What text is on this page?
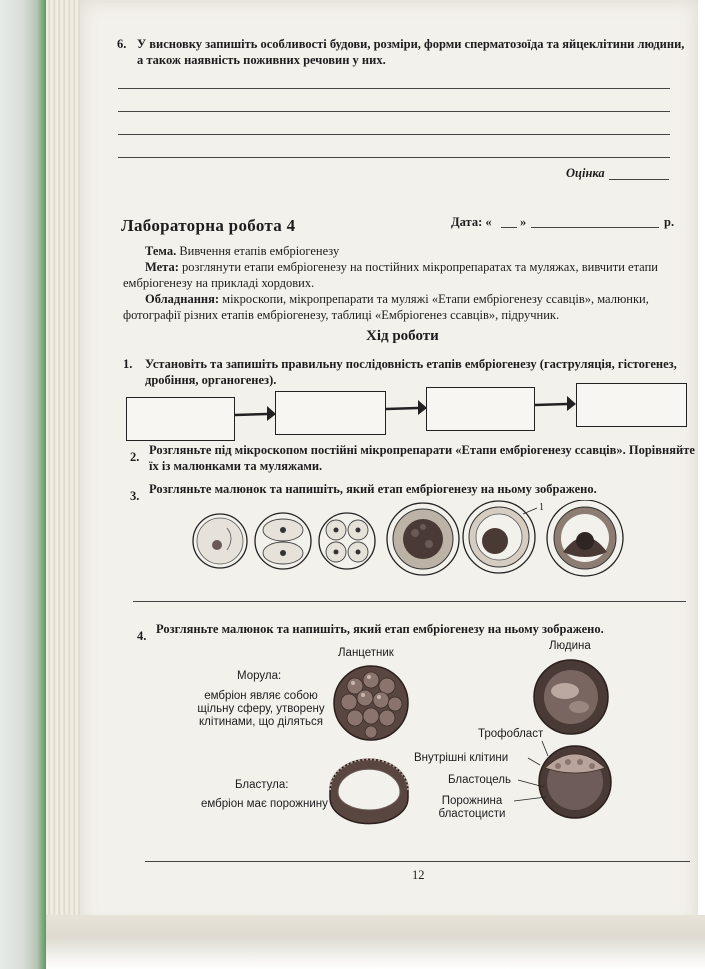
6. У висновку запишіть особливості будови, розміри, форми сперматозоїда та яйцеклітини людини,
а також наявність поживних речовин у них.
Оцінка
Лабораторна робота 4	Дата: « »	р.
Тема. Вивчення етапів ембріогенезу
Мета: розглянути етапи ембріогенезу на постійних мікропрепаратах та муляжах, вивчити етапи
ембріогенезу на прикладі хордових.
Обладнання: мікроскопи, мікропрепарати та муляжі «Етапи ембріогенезу ссавців», малюнки,
фотографії різних етапів ембріогенезу, таблиці «Ембріогенез ссавців», підручник.
Хід роботи
1. Установіть та запишіть правильну послідовність етапів ембріогенезу (гаструляція, гістогенез,
дробіння, органогенез).
2. Розгляньте під мікроскопом постійні мікропрепарати «Етапи ембріогенезу ссавців». Порівняйте
їх із малюнками та муляжами.
3. Розгляньте малюнок та напишіть, який етап ембріогенезу на ньому зображено.
1
4. Розгляньте малюнок та напишіть, який етап ембріогенезу на ньому зображено.
Ланцетник
Людина
Морула:
ембріон являє собою
щільну сферу, утворену
клітинами, що діляться
Бластула:
ембріон має порожнину
Трофобласт
Внутрішні клітини
Бластоцель
Порожнина
бластоцисти
12
